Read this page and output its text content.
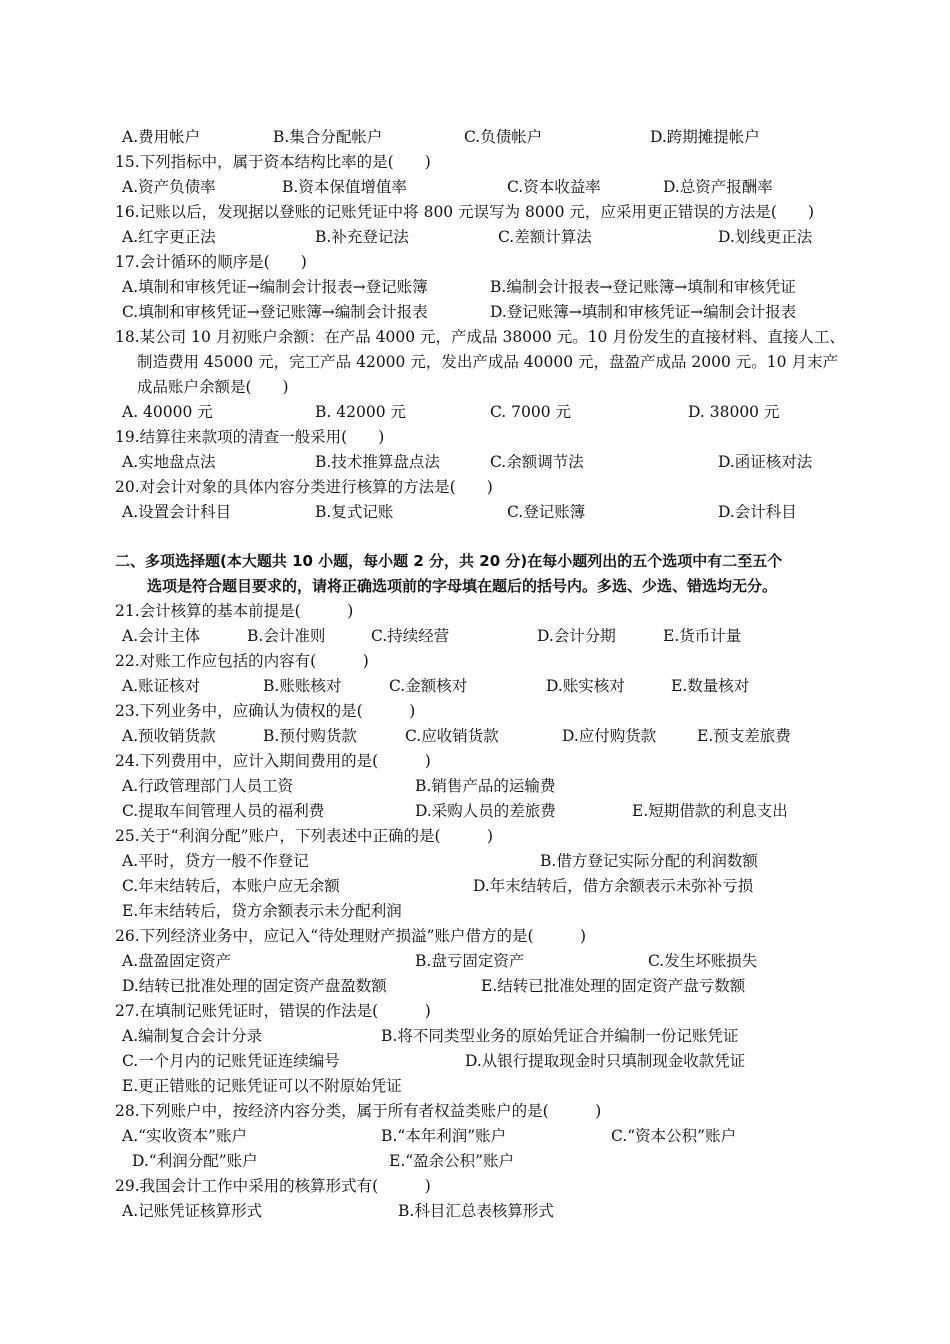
A.费用帐户	B.集合分配帐户	C.负债帐户	D.跨期摊提帐户
15.下列指标中，属于资本结构比率的是(　　)
A.资产负债率	B.资本保值增值率	C.资本收益率	D.总资产报酬率
16.记账以后，发现据以登账的记账凭证中将 800 元误写为 8000 元，应采用更正错误的方法是(　　)
A.红字更正法	B.补充登记法	C.差额计算法	D.划线更正法
17.会计循环的顺序是(　　)
A.填制和审核凭证→编制会计报表→登记账簿	B.编制会计报表→登记账簿→填制和审核凭证
C.填制和审核凭证→登记账簿→编制会计报表	D.登记账簿→填制和审核凭证→编制会计报表
18.某公司 10 月初账户余额：在产品 4000 元，产成品 38000 元。10 月份发生的直接材料、直接人工、
制造费用 45000 元，完工产品 42000 元，发出产成品 40000 元，盘盈产成品 2000 元。10 月末产
成品账户余额是(　　)
A. 40000 元	B. 42000 元	C. 7000 元	D. 38000 元
19.结算往来款项的清查一般采用(　　)
A.实地盘点法	B.技术推算盘点法	C.余额调节法	D.函证核对法
20.对会计对象的具体内容分类进行核算的方法是(　　)
A.设置会计科目	B.复式记账	C.登记账簿	D.会计科目
二、多项选择题(本大题共 10 小题，每小题 2 分，共 20 分)在每小题列出的五个选项中有二至五个
选项是符合题目要求的，请将正确选项前的字母填在题后的括号内。多选、少选、错选均无分。
21.会计核算的基本前提是(　　　)
A.会计主体	B.会计准则	C.持续经营	D.会计分期	E.货币计量
22.对账工作应包括的内容有(　　　)
A.账证核对	B.账账核对	C.金额核对	D.账实核对	E.数量核对
23.下列业务中，应确认为债权的是(　　　)
A.预收销货款	B.预付购货款	C.应收销货款	D.应付购货款	E.预支差旅费
24.下列费用中，应计入期间费用的是(　　　)
A.行政管理部门人员工资	B.销售产品的运输费
C.提取车间管理人员的福利费	D.采购人员的差旅费	E.短期借款的利息支出
25.关于“利润分配”账户，下列表述中正确的是(　　　)
A.平时，贷方一般不作登记	B.借方登记实际分配的利润数额
C.年末结转后，本账户应无余额	D.年末结转后，借方余额表示未弥补亏损
E.年末结转后，贷方余额表示未分配利润
26.下列经济业务中，应记入“待处理财产损溢”账户借方的是(　　　)
A.盘盈固定资产	B.盘亏固定资产	C.发生坏账损失
D.结转已批准处理的固定资产盘盈数额	E.结转已批准处理的固定资产盘亏数额
27.在填制记账凭证时，错误的作法是(　　　)
A.编制复合会计分录	B.将不同类型业务的原始凭证合并编制一份记账凭证
C.一个月内的记账凭证连续编号	D.从银行提取现金时只填制现金收款凭证
E.更正错账的记账凭证可以不附原始凭证
28.下列账户中，按经济内容分类，属于所有者权益类账户的是(　　　)
A.“实收资本”账户	B.“本年利润”账户	C.“资本公积”账户
D.“利润分配”账户	E.“盈余公积”账户
29.我国会计工作中采用的核算形式有(　　　)
A.记账凭证核算形式	B.科目汇总表核算形式
